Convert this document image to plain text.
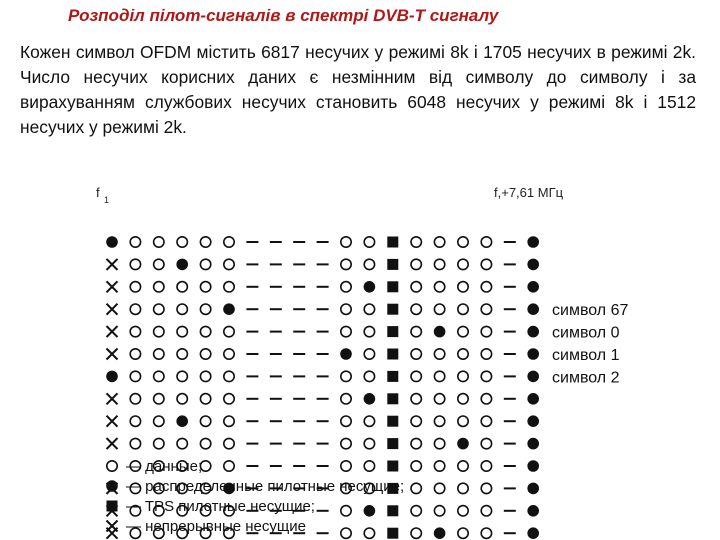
Розподіл пілот-сигналів в спектрі DVB-T сигналу
Кожен символ OFDM містить 6817 несучих у режимі 8k і 1705 несучих в режимі 2k. Число несучих корисних даних є незмінним від символу до символу і за вирахуванням службових несучих становить 6048 несучих у режимі 8k і 1512 несучих у режимі 2k.
f 1	f,+7,61 МГц
символ 67
символ 0
символ 1
символ 2
— данные;
— распределенные пилотные несущие;
— TPS пилотные несущие;
— непрерывные несущие
